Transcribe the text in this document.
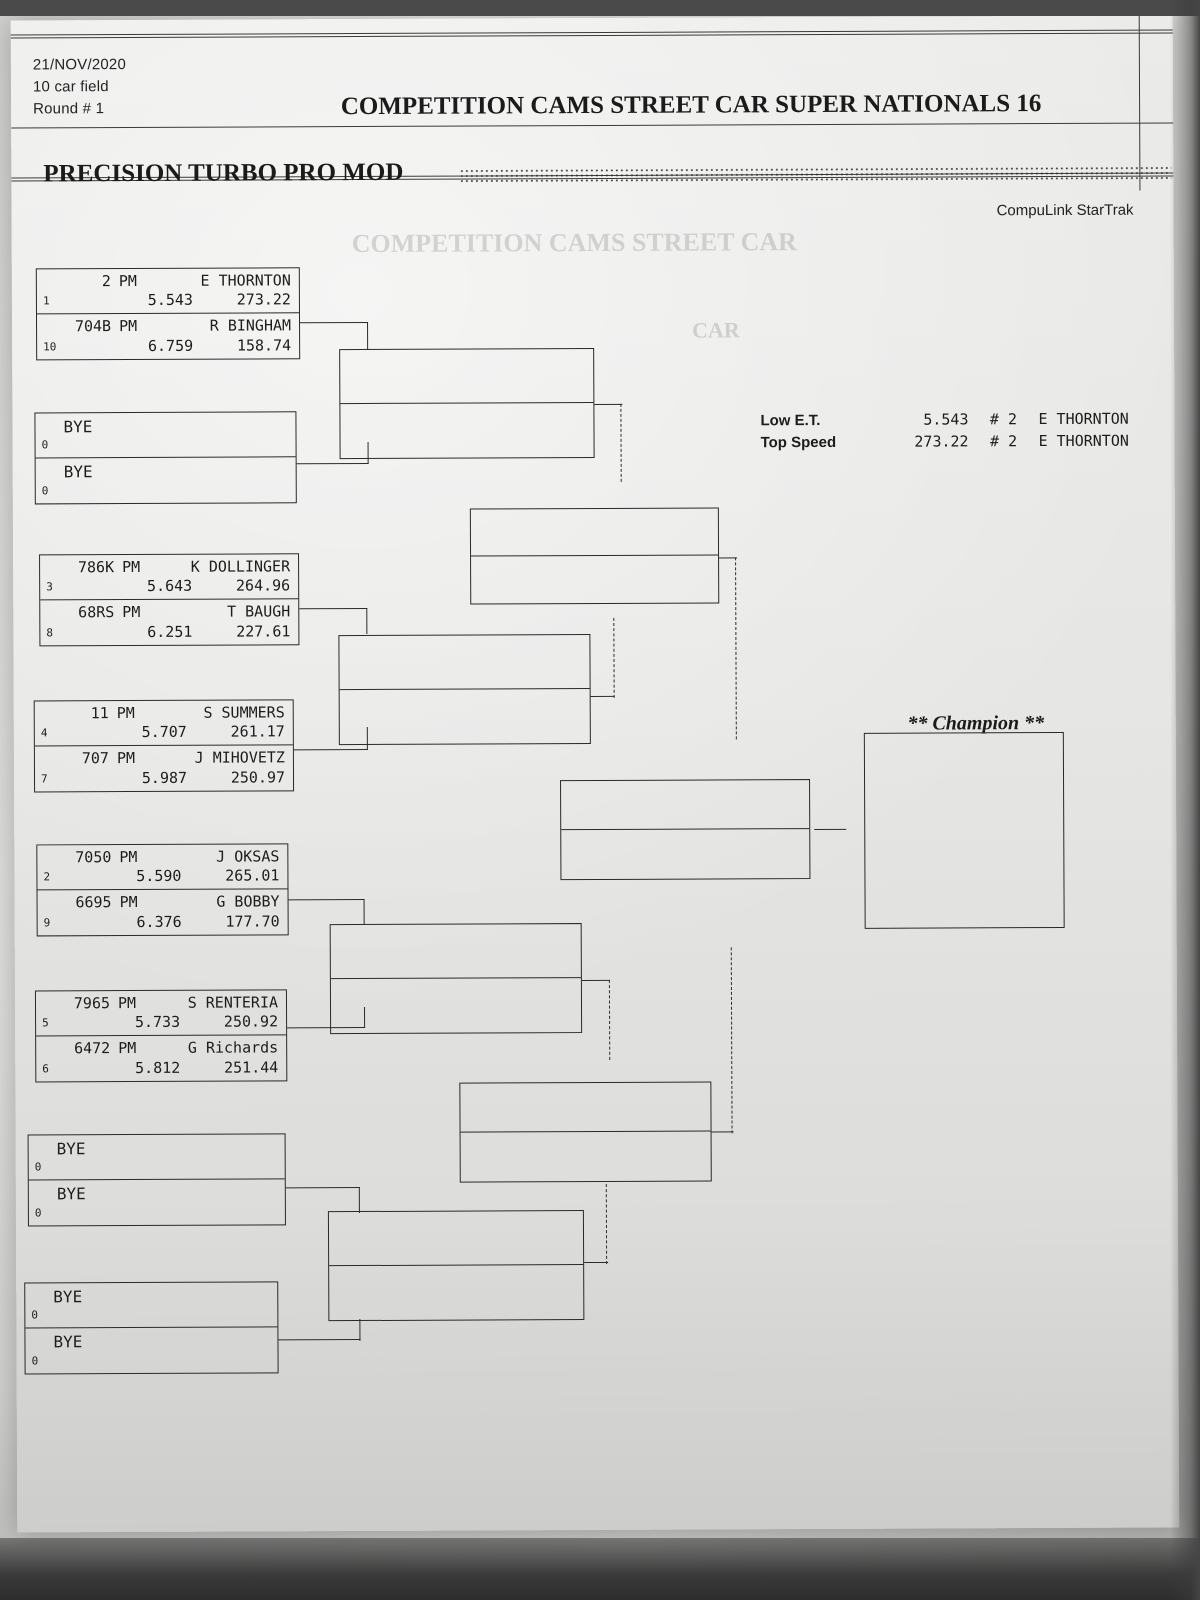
COMPETITION CAMS STREET CAR
CAR
21/NOV/2020
10 car field
Round # 1	COMPETITION CAMS STREET CAR SUPER NATIONALS 16
PRECISION TURBO PRO MOD
CompuLink StarTrak
2 PM	E THORNTON
1	5.543	273.22
704B PM	R BINGHAM
10	6.759	158.74
BYE
0
BYE
0
786K PM	K DOLLINGER
3	5.643	264.96
68RS PM	T BAUGH
8	6.251	227.61
11 PM	S SUMMERS
4	5.707	261.17
707 PM	J MIHOVETZ
7	5.987	250.97
7050 PM	J OKSAS
2	5.590	265.01
6695 PM	G BOBBY
9	6.376	177.70
7965 PM	S RENTERIA
5	5.733	250.92
6472 PM	G Richards
6	5.812	251.44
BYE
0
BYE
0
BYE
0
BYE
0
** Champion **
Low E.T.	5.543	# 2	E THORNTON
Top Speed	273.22	# 2	E THORNTON
